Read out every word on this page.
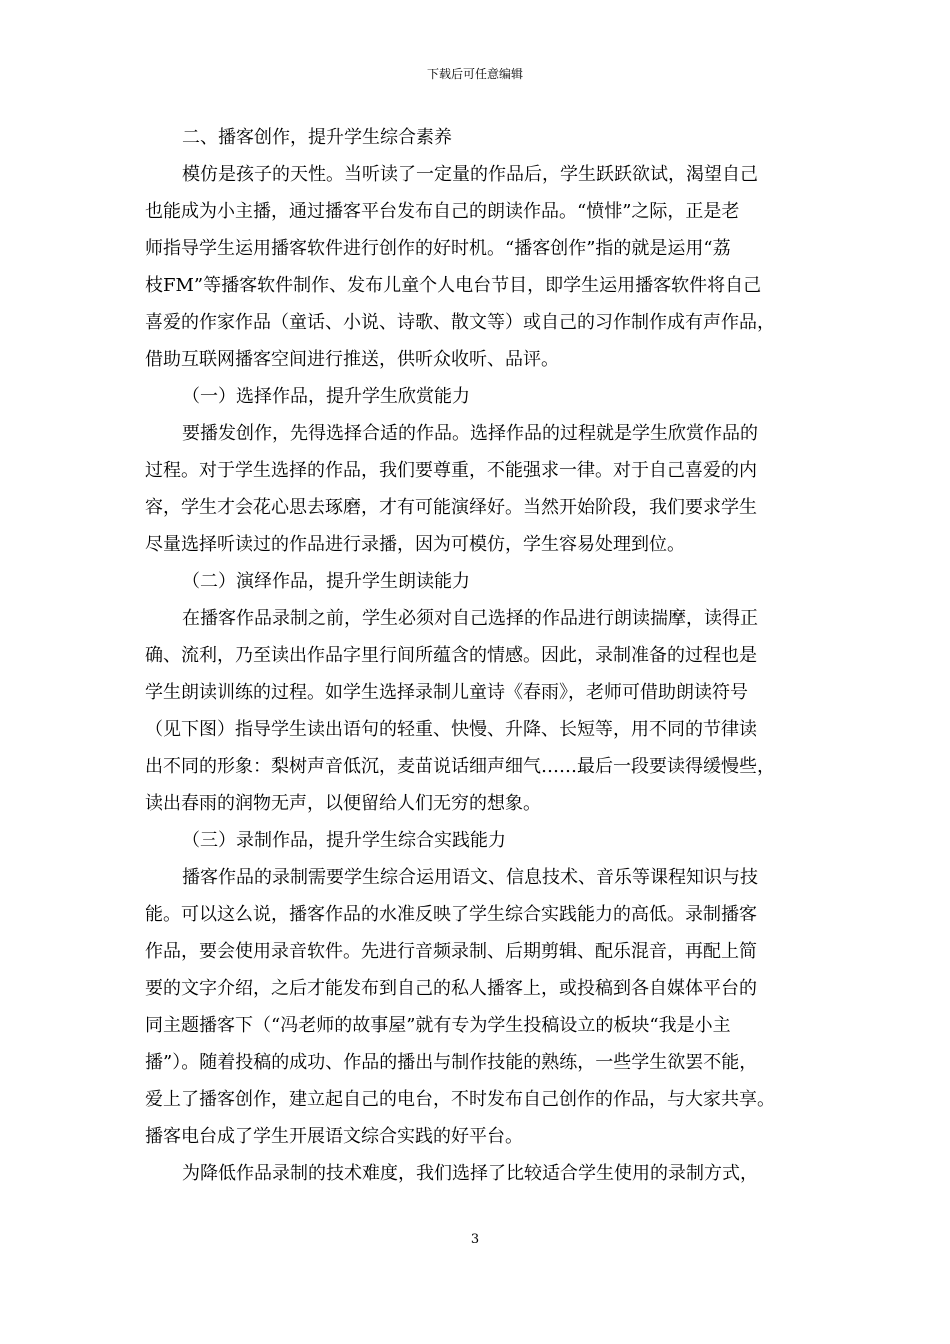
下载后可任意编辑
二、播客创作，提升学生综合素养
模仿是孩子的天性。当听读了一定量的作品后，学生跃跃欲试，渴望自己
也能成为小主播，通过播客平台发布自己的朗读作品。“愤悱”之际，正是老
师指导学生运用播客软件进行创作的好时机。“播客创作”指的就是运用“荔
枝FM”等播客软件制作、发布儿童个人电台节目，即学生运用播客软件将自己
喜爱的作家作品（童话、小说、诗歌、散文等）或自己的习作制作成有声作品，
借助互联网播客空间进行推送，供听众收听、品评。
（一）选择作品，提升学生欣赏能力
要播发创作，先得选择合适的作品。选择作品的过程就是学生欣赏作品的
过程。对于学生选择的作品，我们要尊重，不能强求一律。对于自己喜爱的内
容，学生才会花心思去琢磨，才有可能演绎好。当然开始阶段，我们要求学生
尽量选择听读过的作品进行录播，因为可模仿，学生容易处理到位。
（二）演绎作品，提升学生朗读能力
在播客作品录制之前，学生必须对自己选择的作品进行朗读揣摩，读得正
确、流利，乃至读出作品字里行间所蕴含的情感。因此，录制准备的过程也是
学生朗读训练的过程。如学生选择录制儿童诗《春雨》，老师可借助朗读符号
（见下图）指导学生读出语句的轻重、快慢、升降、长短等，用不同的节律读
出不同的形象：梨树声音低沉，麦苗说话细声细气……最后一段要读得缓慢些，
读出春雨的润物无声，以便留给人们无穷的想象。
（三）录制作品，提升学生综合实践能力
播客作品的录制需要学生综合运用语文、信息技术、音乐等课程知识与技
能。可以这么说，播客作品的水准反映了学生综合实践能力的高低。录制播客
作品，要会使用录音软件。先进行音频录制、后期剪辑、配乐混音，再配上简
要的文字介绍，之后才能发布到自己的私人播客上，或投稿到各自媒体平台的
同主题播客下（“冯老师的故事屋”就有专为学生投稿设立的板块“我是小主
播”）。随着投稿的成功、作品的播出与制作技能的熟练，一些学生欲罢不能，
爱上了播客创作，建立起自己的电台，不时发布自己创作的作品，与大家共享。
播客电台成了学生开展语文综合实践的好平台。
为降低作品录制的技术难度，我们选择了比较适合学生使用的录制方式，
3
